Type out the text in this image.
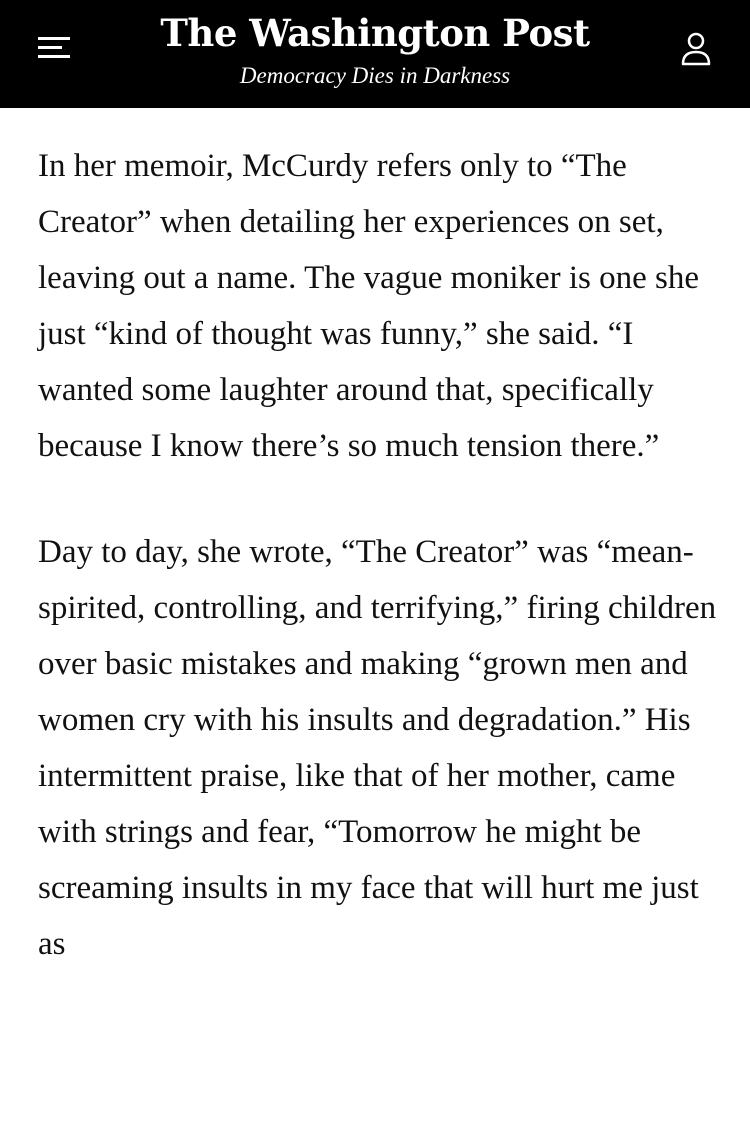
The Washington Post
Democracy Dies in Darkness

In her memoir, McCurdy refers only to “The Creator” when detailing her experiences on set, leaving out a name. The vague moniker is one she just “kind of thought was funny,” she said. “I wanted some laughter around that, specifically because I know there’s so much tension there.”

Day to day, she wrote, “The Creator” was “mean-spirited, controlling, and terrifying,” firing children over basic mistakes and making “grown men and women cry with his insults and degradation.” His intermittent praise, like that of her mother, came with strings and fear, “Tomorrow he might be screaming insults in my face that will hurt me just as
